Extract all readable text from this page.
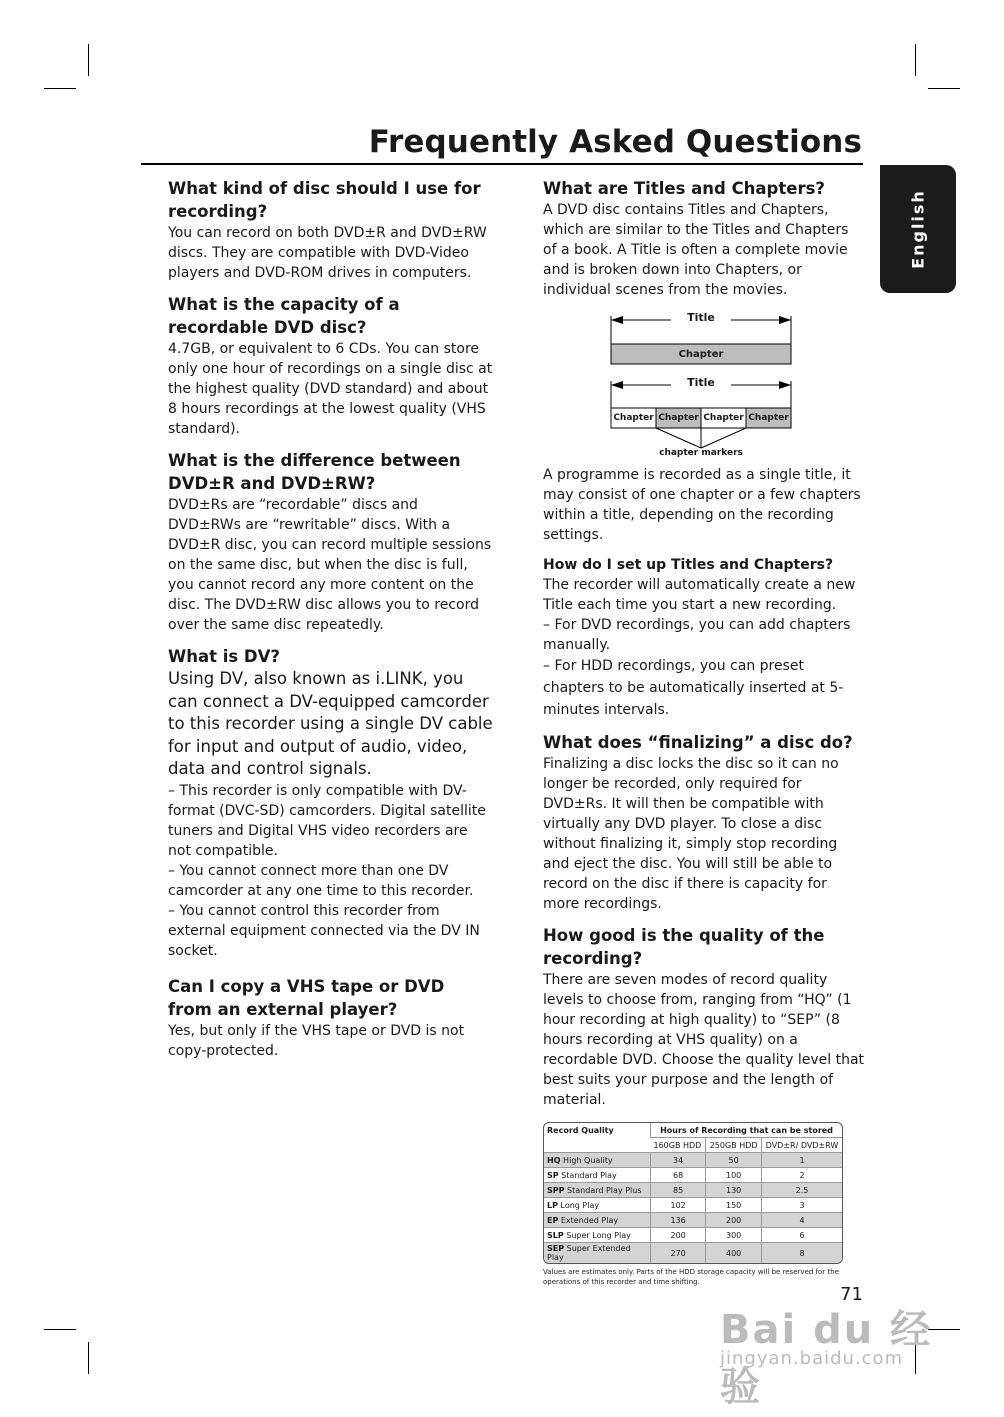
Frequently Asked Questions
English
What kind of disc should I use for recording?

You can record on both DVD±R and DVD±RW discs. They are compatible with DVD-Video players and DVD-ROM drives in computers.

What is the capacity of a recordable DVD disc?

4.7GB, or equivalent to 6 CDs. You can store only one hour of recordings on a single disc at the highest quality (DVD standard) and about 8 hours recordings at the lowest quality (VHS standard).

What is the difference between DVD±R and DVD±RW?

DVD±Rs are “recordable” discs and DVD±RWs are “rewritable” discs. With a DVD±R disc, you can record multiple sessions on the same disc, but when the disc is full, you cannot record any more content on the disc. The DVD±RW disc allows you to record over the same disc repeatedly.

What is DV?

Using DV, also known as i.LINK, you can connect a DV-equipped camcorder to this recorder using a single DV cable for input and output of audio, video, data and control signals.

– This recorder is only compatible with DV-format (DVC-SD) camcorders. Digital satellite tuners and Digital VHS video recorders are not compatible.

– You cannot connect more than one DV camcorder at any one time to this recorder.

– You cannot control this recorder from external equipment connected via the DV IN socket.

Can I copy a VHS tape or DVD from an external player?

Yes, but only if the VHS tape or DVD is not copy-protected.

What are Titles and Chapters?

A DVD disc contains Titles and Chapters, which are similar to the Titles and Chapters of a book. A Title is often a complete movie and is broken down into Chapters, or individual scenes from the movies.

Title
Chapter
Title
Chapter Chapter Chapter Chapter
chapter markers

A programme is recorded as a single title, it may consist of one chapter or a few chapters within a title, depending on the recording settings.

How do I set up Titles and Chapters?

The recorder will automatically create a new Title each time you start a new recording.

– For DVD recordings, you can add chapters manually.

– For HDD recordings, you can preset chapters to be automatically inserted at 5-minutes intervals.

What does “finalizing” a disc do?

Finalizing a disc locks the disc so it can no longer be recorded, only required for DVD±Rs. It will then be compatible with virtually any DVD player. To close a disc without finalizing it, simply stop recording and eject the disc. You will still be able to record on the disc if there is capacity for more recordings.

How good is the quality of the recording?

There are seven modes of record quality levels to choose from, ranging from “HQ” (1 hour recording at high quality) to “SEP” (8 hours recording at VHS quality) on a recordable DVD. Choose the quality level that best suits your purpose and the length of material.

Record Quality	Hours of Recording that can be stored		
	160GB HDD	250GB HDD	DVD±R/ DVD±RW
HQ High Quality	34	50	1
SP Standard Play	68	100	2
SPP Standard Play Plus	85	130	2.5
LP Long Play	102	150	3
EP Extended Play	136	200	4
SLP Super Long Play	200	300	6
SEP Super Extended Play	270	400	8
Values are estimates only. Parts of the HDD storage capacity will be reserved for the operations of this recorder and time shifting.
71
Bai du 经验
jingyan.baidu.com
